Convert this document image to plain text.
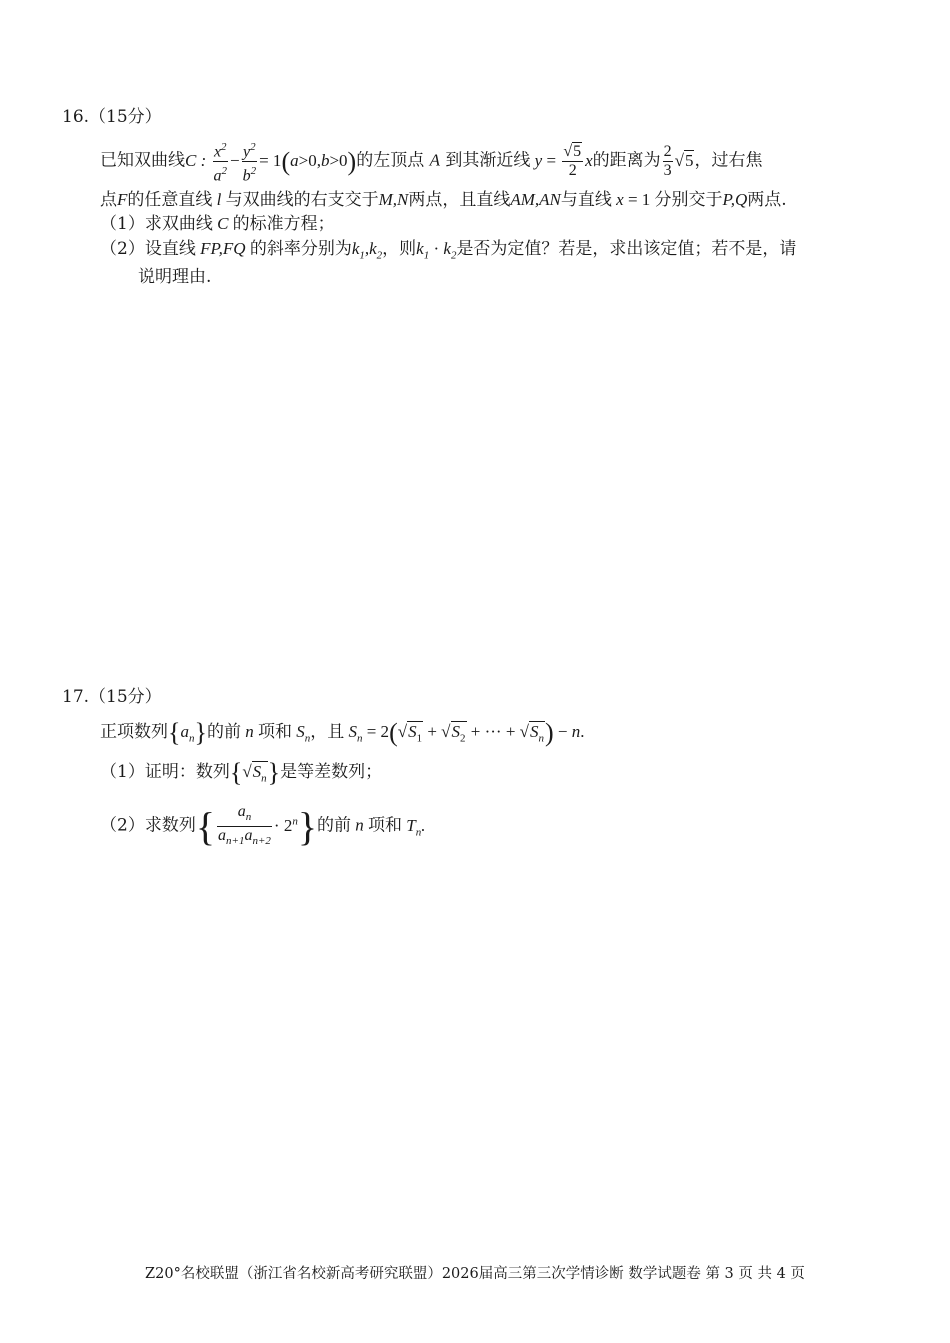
16.（15分）
已知双曲线C : $\frac{x^2}{a^2} - \frac{y^2}{b^2} = 1(a>0,b>0)$的左顶点 A 到其渐近线 $y = \frac{√5}{2}$ x的距离为 $\frac{2}{3} √5$，过右焦
点F的任意直线 l 与双曲线的右支交于M,N两点，且直线AM,AN与直线 x = 1 分别交于P,Q两点.
（1）求双曲线 C 的标准方程；
（2）设直线 FP,FQ 的斜率分别为$k_1,k_2$，则$k_1 \cdot k_2$是否为定值？若是，求出该定值；若不是，请
说明理由.
17.（15分）
正项数列$\{a_n\}$的前 n 项和 $S_n$，且 $S_n = 2(√S_1 + √S_2$ + ··· + $√S_n) - n$.
（1）证明：数列$\{√S_n\}$是等差数列；
（2）求数列{ $\frac{a_n}{a_{n+1}a_{n+2}} \cdot 2^n$}的前 n 项和 $T_n$.
Z20°名校联盟（浙江省名校新高考研究联盟）2026届高三第三次学情诊断 数学试题卷 第 3 页 共 4 页
